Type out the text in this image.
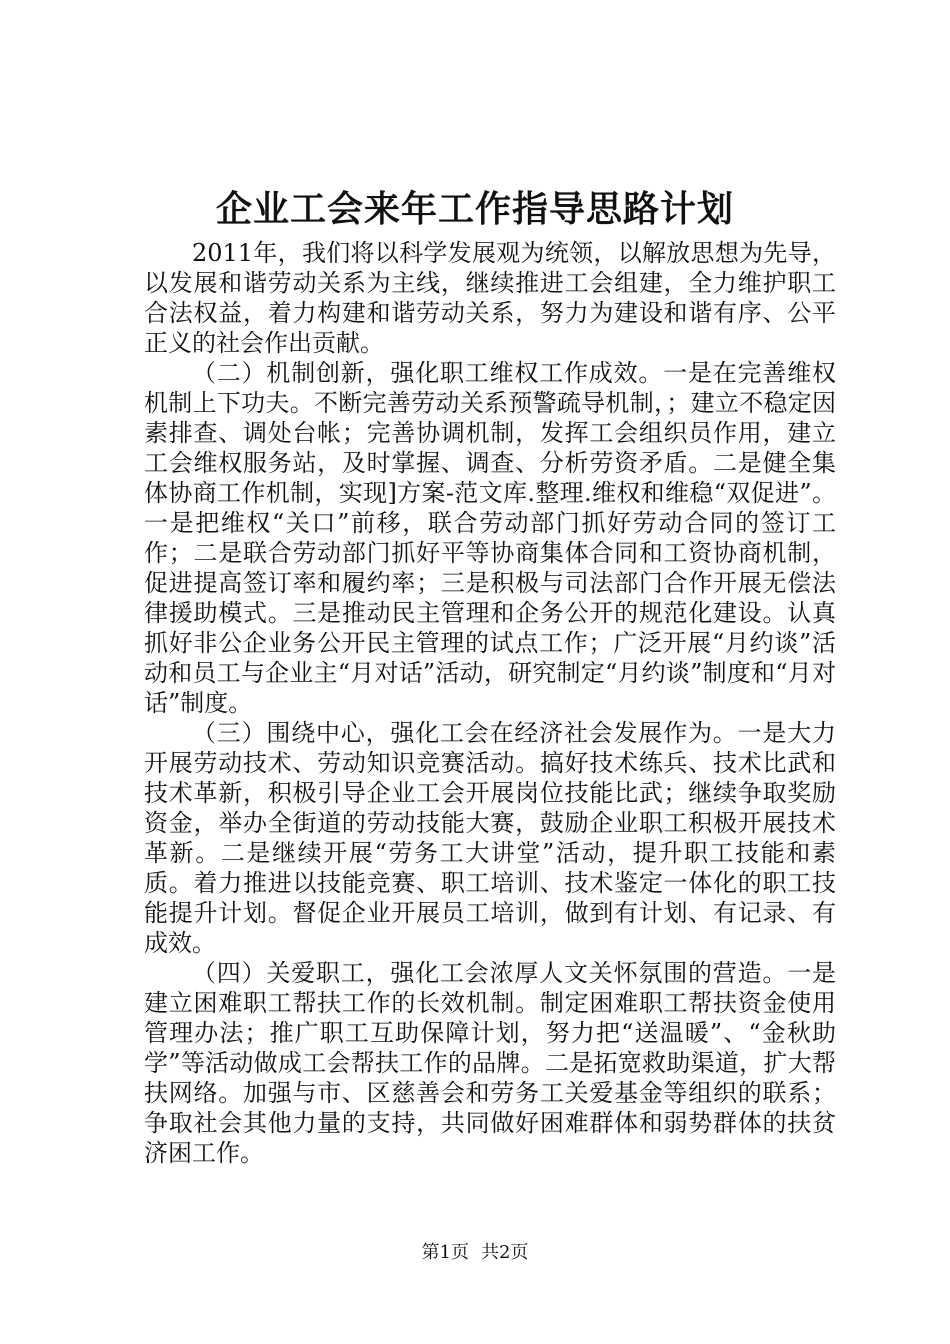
企业工会来年工作指导思路计划

2011年，我们将以科学发展观为统领，以解放思想为先导，以发展和谐劳动关系为主线，继续推进工会组建，全力维护职工合法权益，着力构建和谐劳动关系，努力为建设和谐有序、公平正义的社会作出贡献。

（二）机制创新，强化职工维权工作成效。一是在完善维权机制上下功夫。不断完善劳动关系预警疏导机制，；建立不稳定因素排查、调处台帐；完善协调机制，发挥工会组织员作用，建立工会维权服务站，及时掌握、调查、分析劳资矛盾。二是健全集体协商工作机制，实现]方案-范文库.整理.维权和维稳“双促进”。一是把维权“关口”前移，联合劳动部门抓好劳动合同的签订工作；二是联合劳动部门抓好平等协商集体合同和工资协商机制，促进提高签订率和履约率；三是积极与司法部门合作开展无偿法律援助模式。三是推动民主管理和企务公开的规范化建设。认真抓好非公企业务公开民主管理的试点工作；广泛开展“月约谈”活动和员工与企业主“月对话”活动，研究制定“月约谈”制度和“月对话”制度。

（三）围绕中心，强化工会在经济社会发展作为。一是大力开展劳动技术、劳动知识竞赛活动。搞好技术练兵、技术比武和技术革新，积极引导企业工会开展岗位技能比武；继续争取奖励资金，举办全街道的劳动技能大赛，鼓励企业职工积极开展技术革新。二是继续开展“劳务工大讲堂”活动，提升职工技能和素质。着力推进以技能竞赛、职工培训、技术鉴定一体化的职工技能提升计划。督促企业开展员工培训，做到有计划、有记录、有成效。

（四）关爱职工，强化工会浓厚人文关怀氛围的营造。一是建立困难职工帮扶工作的长效机制。制定困难职工帮扶资金使用管理办法；推广职工互助保障计划，努力把“送温暖”、“金秋助学”等活动做成工会帮扶工作的品牌。二是拓宽救助渠道，扩大帮扶网络。加强与市、区慈善会和劳务工关爱基金等组织的联系；争取社会其他力量的支持，共同做好困难群体和弱势群体的扶贫济困工作。

第1页 共2页
